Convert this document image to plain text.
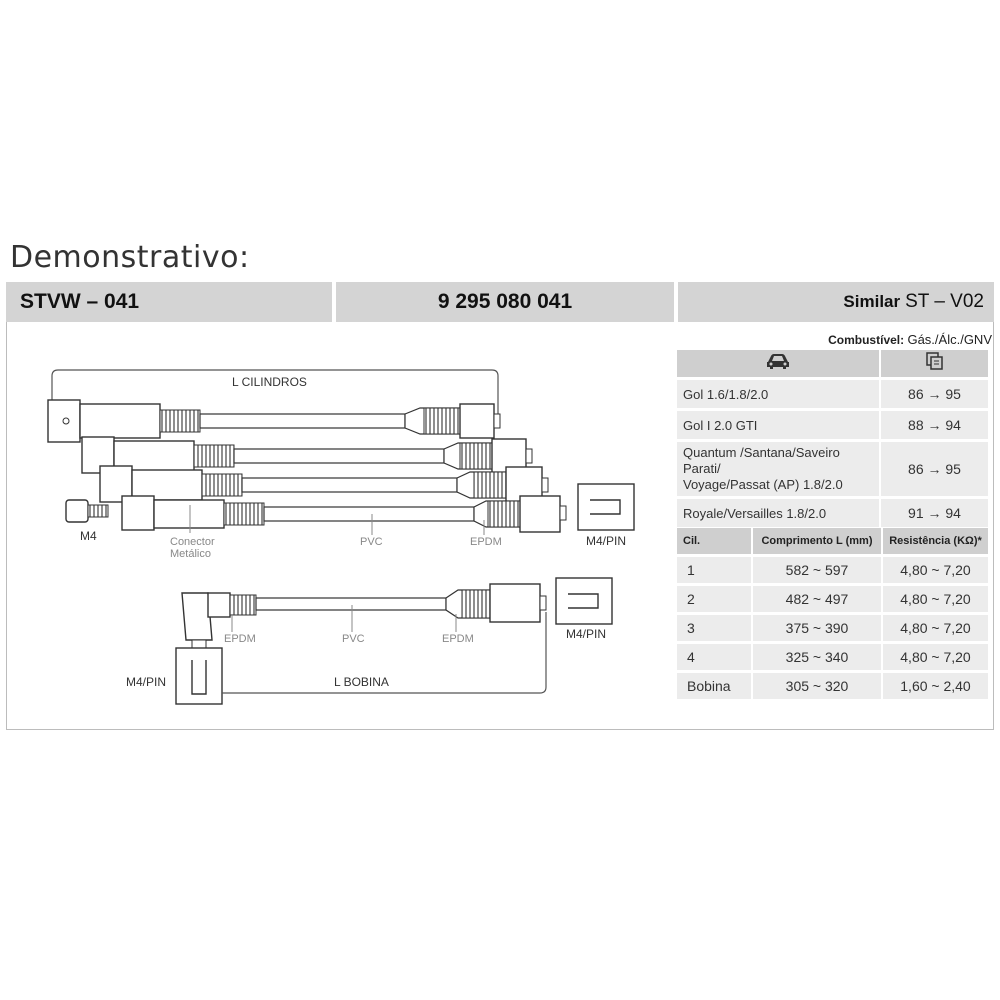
Demonstrativo:
STVW – 041	9 295 080 041	Similar ST – V02
L CILINDROS
M4	Conector
Metálico
PVC	EPDM	M4/PIN
EPDM	PVC	EPDM	M4/PIN
M4/PIN	L BOBINA
Combustível: Gás./Álc./GNV

Gol 1.6/1.8/2.0	86 → 95
Gol I 2.0 GTI	88 → 94
Quantum /Santana/Saveiro Parati/
Voyage/Passat (AP) 1.8/2.0	86 → 95
Royale/Versailles 1.8/2.0	91 → 94
Cil.	Comprimento L (mm)	Resistência (KΩ)*
1	582 ~ 597	4,80 ~ 7,20
2	482 ~ 497	4,80 ~ 7,20
3	375 ~ 390	4,80 ~ 7,20
4	325 ~ 340	4,80 ~ 7,20
Bobina	305 ~ 320	1,60 ~ 2,40
